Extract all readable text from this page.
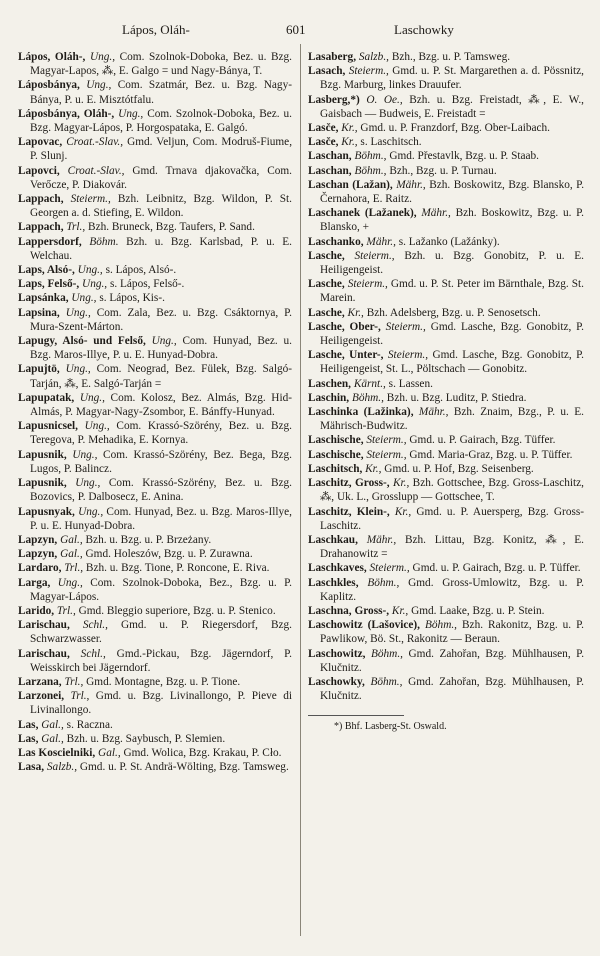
Lápos, Oláh-	601	Laschowky
Lápos, Oláh-, Ung., Com. Szolnok-Doboka, Bez. u. Bzg. Magyar-Lapos, ⁂, E. Galgo = und Nagy-Bánya, T.
Láposbánya, Ung., Com. Szatmár, Bez. u. Bzg. Nagy-Bánya, P. u. E. Misztótfalu.
Láposbánya, Oláh-, Ung., Com. Szolnok-Doboka, Bez. u. Bzg. Magyar-Lápos, P. Horgospataka, E. Galgó.
Lapovac, Croat.-Slav., Gmd. Veljun, Com. Modruš-Fiume, P. Slunj.
Lapovci, Croat.-Slav., Gmd. Trnava djakovačka, Com. Verőcze, P. Diakovár.
Lappach, Steierm., Bzh. Leibnitz, Bzg. Wildon, P. St. Georgen a. d. Stiefing, E. Wildon.
Lappach, Trl., Bzh. Bruneck, Bzg. Taufers, P. Sand.
Lappersdorf, Böhm. Bzh. u. Bzg. Karlsbad, P. u. E. Welchau.
Laps, Alsó-, Ung., s. Lápos, Alsó-.
Laps, Felső-, Ung., s. Lápos, Felső-.
Lapsánka, Ung., s. Lápos, Kis-.
Lapsina, Ung., Com. Zala, Bez. u. Bzg. Csáktornya, P. Mura-Szent-Márton.
Lapugy, Alsó- und Felső, Ung., Com. Hunyad, Bez. u. Bzg. Maros-Illye, P. u. E. Hunyad-Dobra.
Lapujtö, Ung., Com. Neograd, Bez. Fülek, Bzg. Salgó-Tarján, ⁂, E. Salgó-Tarján =
Lapupatak, Ung., Com. Kolosz, Bez. Almás, Bzg. Hid-Almás, P. Magyar-Nagy-Zsombor, E. Bánffy-Hunyad.
Lapusnicsel, Ung., Com. Krassó-Szörény, Bez. u. Bzg. Teregova, P. Mehadika, E. Kornya.
Lapusnik, Ung., Com. Krassó-Szörény, Bez. Bega, Bzg. Lugos, P. Balincz.
Lapusnik, Ung., Com. Krassó-Szörény, Bez. u. Bzg. Bozovics, P. Dalbosecz, E. Anina.
Lapusnyak, Ung., Com. Hunyad, Bez. u. Bzg. Maros-Illye, P. u. E. Hunyad-Dobra.
Lapzyn, Gal., Bzh. u. Bzg. u. P. Brzeżany.
Lapzyn, Gal., Gmd. Holeszów, Bzg. u. P. Zurawna.
Lardaro, Trl., Bzh. u. Bzg. Tione, P. Roncone, E. Riva.
Larga, Ung., Com. Szolnok-Doboka, Bez., Bzg. u. P. Magyar-Lápos.
Larido, Trl., Gmd. Bleggio superiore, Bzg. u. P. Stenico.
Larischau, Schl., Gmd. u. P. Riegersdorf, Bzg. Schwarzwasser.
Larischau, Schl., Gmd.-Pickau, Bzg. Jägerndorf, P. Weisskirch bei Jägerndorf.
Larzana, Trl., Gmd. Montagne, Bzg. u. P. Tione.
Larzonei, Trl., Gmd. u. Bzg. Livinallongo, P. Pieve di Livinallongo.
Las, Gal., s. Raczna.
Las, Gal., Bzh. u. Bzg. Saybusch, P. Slemien.
Las Koscielniki, Gal., Gmd. Wolica, Bzg. Krakau, P. Cło.
Lasa, Salzb., Gmd. u. P. St. Andrä-Wölting, Bzg. Tamsweg.
Lasaberg, Salzb., Bzh., Bzg. u. P. Tamsweg.
Lasach, Steierm., Gmd. u. P. St. Margarethen a. d. Pössnitz, Bzg. Marburg, linkes Drauufer.
Lasberg,*) O. Oe., Bzh. u. Bzg. Freistadt, ⁂, E. W., Gaisbach — Budweis, E. Freistadt =
Lasče, Kr., Gmd. u. P. Franzdorf, Bzg. Ober-Laibach.
Lasče, Kr., s. Laschitsch.
Laschan, Böhm., Gmd. Přestavlk, Bzg. u. P. Staab.
Laschan, Böhm., Bzh., Bzg. u. P. Turnau.
Laschan (Lažan), Mähr., Bzh. Boskowitz, Bzg. Blansko, P. Černahora, E. Raitz.
Laschanek (Lažanek), Mähr., Bzh. Boskowitz, Bzg. u. P. Blansko, +
Laschanko, Mähr., s. Lažanko (Lažánky).
Lasche, Steierm., Bzh. u. Bzg. Gonobitz, P. u. E. Heiligengeist.
Lasche, Steierm., Gmd. u. P. St. Peter im Bärnthale, Bzg. St. Marein.
Lasche, Kr., Bzh. Adelsberg, Bzg. u. P. Senosetsch.
Lasche, Ober-, Steierm., Gmd. Lasche, Bzg. Gonobitz, P. Heiligengeist.
Lasche, Unter-, Steierm., Gmd. Lasche, Bzg. Gonobitz, P. Heiligengeist, St. L., Pöltschach — Gonobitz.
Laschen, Kärnt., s. Lassen.
Laschin, Böhm., Bzh. u. Bzg. Luditz, P. Stiedra.
Laschinka (Lažinka), Mähr., Bzh. Znaim, Bzg., P. u. E. Mährisch-Budwitz.
Laschische, Steierm., Gmd. u. P. Gairach, Bzg. Tüffer.
Laschische, Steierm., Gmd. Maria-Graz, Bzg. u. P. Tüffer.
Laschitsch, Kr., Gmd. u. P. Hof, Bzg. Seisenberg.
Laschitz, Gross-, Kr., Bzh. Gottschee, Bzg. Gross-Laschitz, ⁂, Uk. L., Grosslupp — Gottschee, T.
Laschitz, Klein-, Kr., Gmd. u. P. Auersperg, Bzg. Gross-Laschitz.
Laschkau, Mähr., Bzh. Littau, Bzg. Konitz, ⁂, E. Drahanowitz =
Laschkaves, Steierm., Gmd. u. P. Gairach, Bzg. u. P. Tüffer.
Laschkles, Böhm., Gmd. Gross-Umlowitz, Bzg. u. P. Kaplitz.
Laschna, Gross-, Kr., Gmd. Laake, Bzg. u. P. Stein.
Laschowitz (Lašovice), Böhm., Bzh. Rakonitz, Bzg. u. P. Pawlikow, Bö. St., Rakonitz — Beraun.
Laschowitz, Böhm., Gmd. Zahořan, Bzg. Mühlhausen, P. Klučnitz.
Laschowky, Böhm., Gmd. Zahořan, Bzg. Mühlhausen, P. Klučnitz.
*) Bhf. Lasberg-St. Oswald.
